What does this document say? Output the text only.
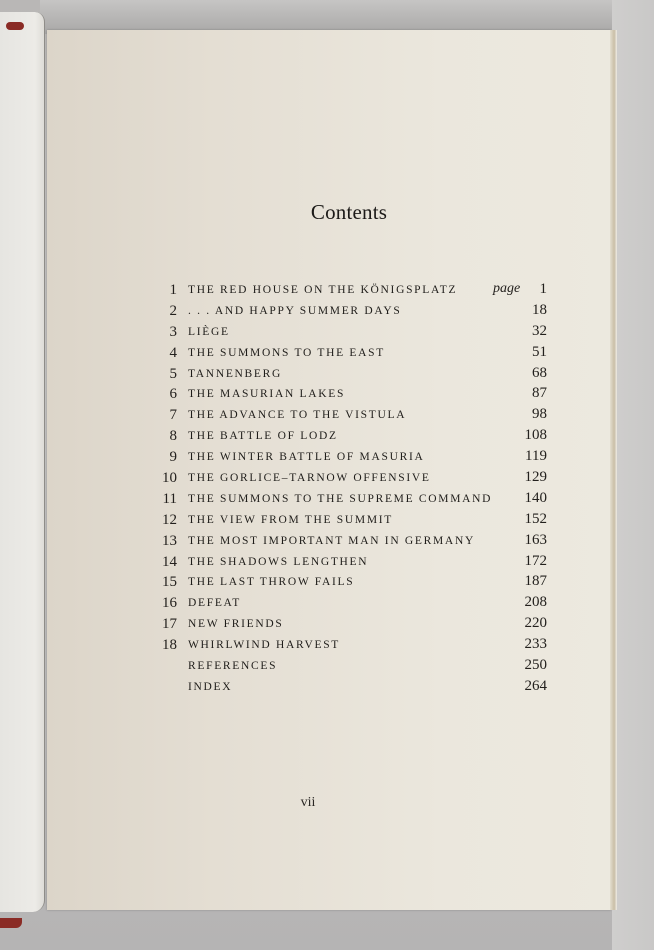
Contents
1 THE RED HOUSE ON THE KÖNIGSPLATZ	page 1
2 . . . AND HAPPY SUMMER DAYS	18
3 LIÈGE	32
4 THE SUMMONS TO THE EAST	51
5 TANNENBERG	68
6 THE MASURIAN LAKES	87
7 THE ADVANCE TO THE VISTULA	98
8 THE BATTLE OF LODZ	108
9 THE WINTER BATTLE OF MASURIA	119
10 THE GORLICE–TARNOW OFFENSIVE	129
11 THE SUMMONS TO THE SUPREME COMMAND 140
12 THE VIEW FROM THE SUMMIT	152
13 THE MOST IMPORTANT MAN IN GERMANY	163
14 THE SHADOWS LENGTHEN	172
15 THE LAST THROW FAILS	187
16 DEFEAT	208
17 NEW FRIENDS	220
18 WHIRLWIND HARVEST	233
REFERENCES	250
INDEX	264
vii
